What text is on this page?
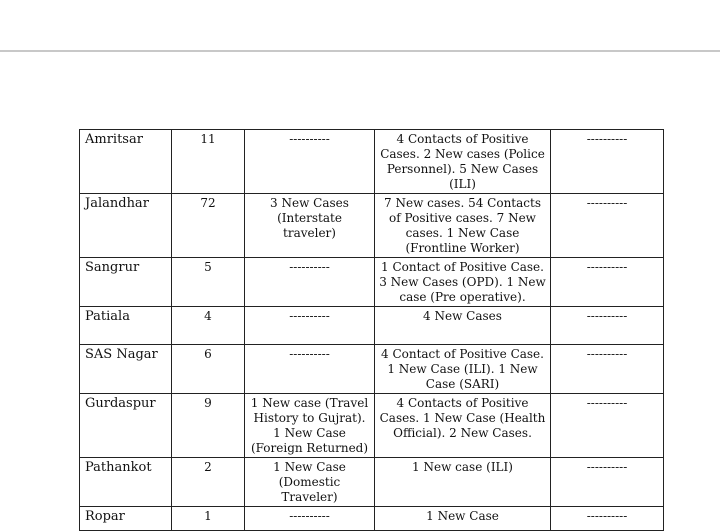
Amritsar	11	----------	4 Contacts of Positive Cases. 2 New cases (Police Personnel). 5 New Cases (ILI)	----------
Jalandhar	72	3 New Cases (Interstate traveler)	7 New cases. 54 Contacts of Positive cases. 7 New cases. 1 New Case (Frontline Worker)	----------
Sangrur	5	----------	1 Contact of Positive Case. 3 New Cases (OPD). 1 New case (Pre operative).	----------
Patiala	4	----------	4 New Cases	----------
SAS Nagar	6	----------	4 Contact of Positive Case. 1 New Case (ILI). 1 New Case (SARI)	----------
Gurdaspur	9	1 New case (Travel History to Gujrat). 1 New Case (Foreign Returned)	4 Contacts of Positive Cases. 1 New Case (Health Official). 2 New Cases.	----------
Pathankot	2	1 New Case (Domestic Traveler)	1 New case (ILI)	----------
Ropar	1	----------	1 New Case	----------
